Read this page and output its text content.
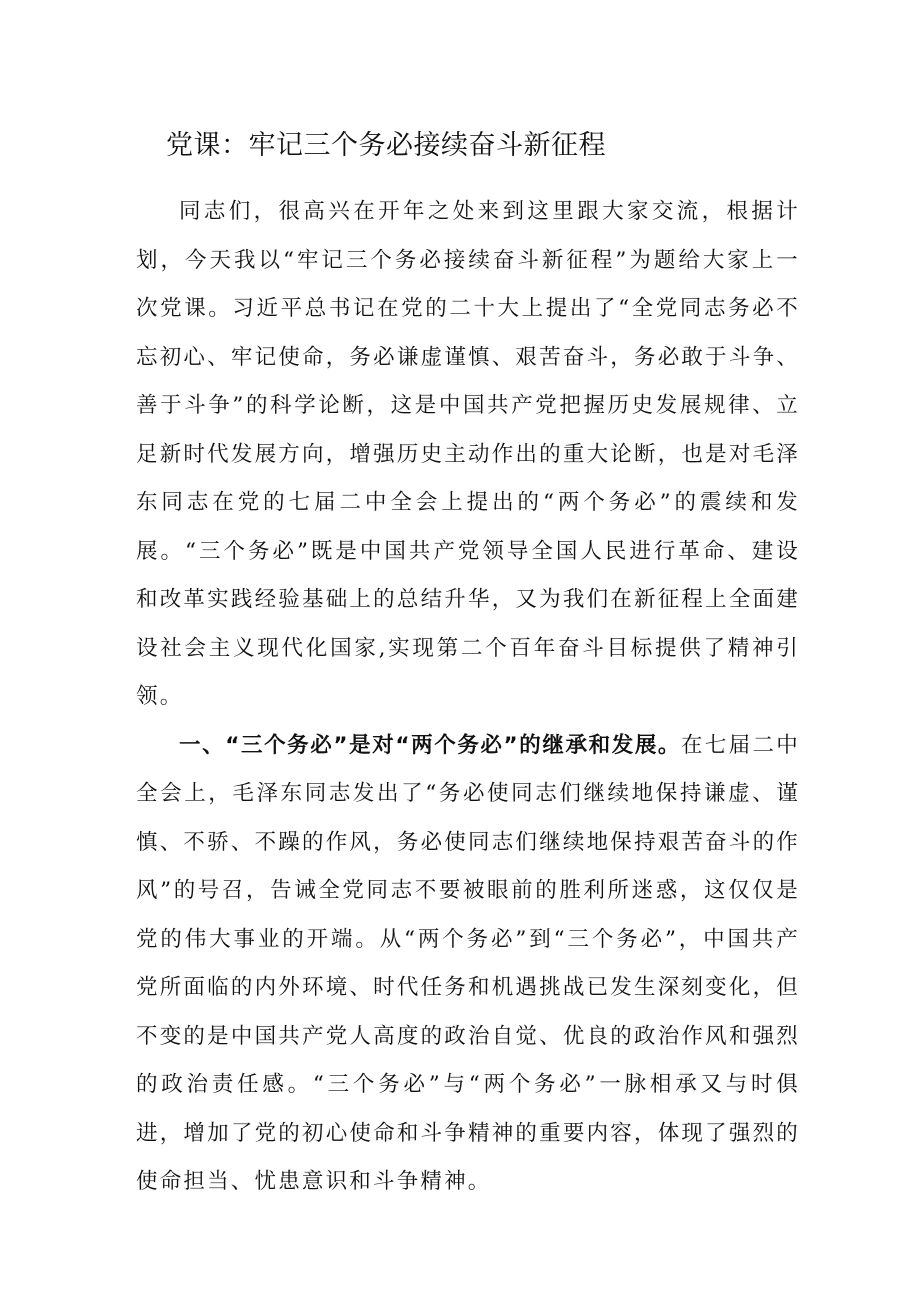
党课：牢记三个务必接续奋斗新征程

同志们，很高兴在开年之处来到这里跟大家交流，根据计划，今天我以“牢记三个务必接续奋斗新征程”为题给大家上一次党课。习近平总书记在党的二十大上提出了“全党同志务必不忘初心、牢记使命，务必谦虚谨慎、艰苦奋斗，务必敢于斗争、善于斗争”的科学论断，这是中国共产党把握历史发展规律、立足新时代发展方向，增强历史主动作出的重大论断，也是对毛泽东同志在党的七届二中全会上提出的“两个务必”的震续和发展。“三个务必”既是中国共产党领导全国人民进行革命、建设和改革实践经验基础上的总结升华，又为我们在新征程上全面建设社会主义现代化国家,实现第二个百年奋斗目标提供了精神引领。

一、“三个务必”是对“两个务必”的继承和发展。在七届二中全会上，毛泽东同志发出了“务必使同志们继续地保持谦虚、谨慎、不骄、不躁的作风，务必使同志们继续地保持艰苦奋斗的作风”的号召，告诫全党同志不要被眼前的胜利所迷惑，这仅仅是党的伟大事业的开端。从“两个务必”到“三个务必”，中国共产党所面临的内外环境、时代任务和机遇挑战已发生深刻变化，但不变的是中国共产党人高度的政治自觉、优良的政治作风和强烈的政治责任感。“三个务必”与“两个务必”一脉相承又与时俱进，增加了党的初心使命和斗争精神的重要内容，体现了强烈的使命担当、忧患意识和斗争精神。
